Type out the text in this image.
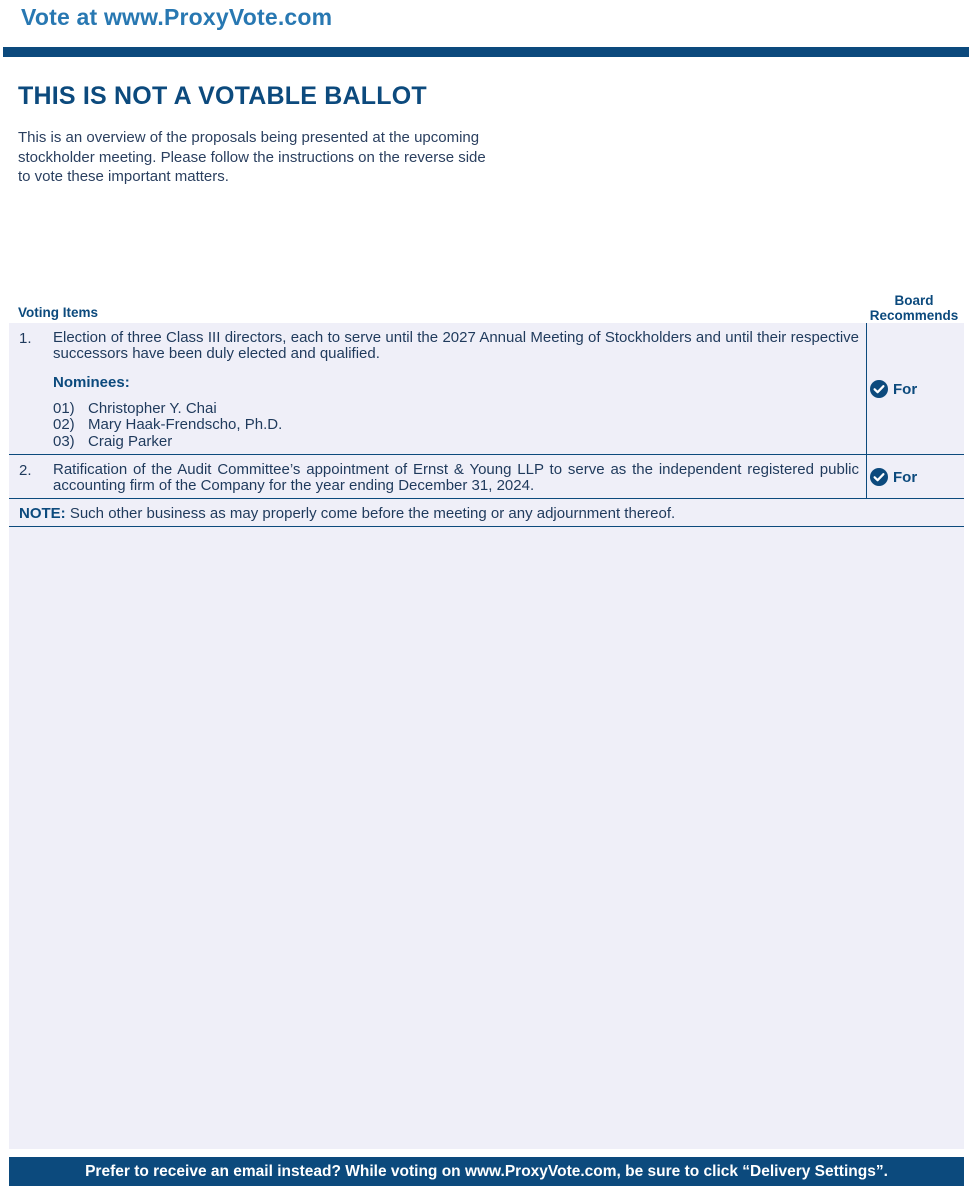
Vote at www.ProxyVote.com
THIS IS NOT A VOTABLE BALLOT
This is an overview of the proposals being presented at the upcoming stockholder meeting. Please follow the instructions on the reverse side to vote these important matters.
Voting Items
Board
Recommends
1. Election of three Class III directors, each to serve until the 2027 Annual Meeting of Stockholders and until their respective successors have been duly elected and qualified.
Nominees:
01) Christopher Y. Chai
02) Mary Haak-Frendscho, Ph.D.
03) Craig Parker
For
2. Ratification of the Audit Committee’s appointment of Ernst & Young LLP to serve as the independent registered public accounting firm of the Company for the year ending December 31, 2024.	For
NOTE: Such other business as may properly come before the meeting or any adjournment thereof.
Prefer to receive an email instead? While voting on www.ProxyVote.com, be sure to click “Delivery Settings”.
